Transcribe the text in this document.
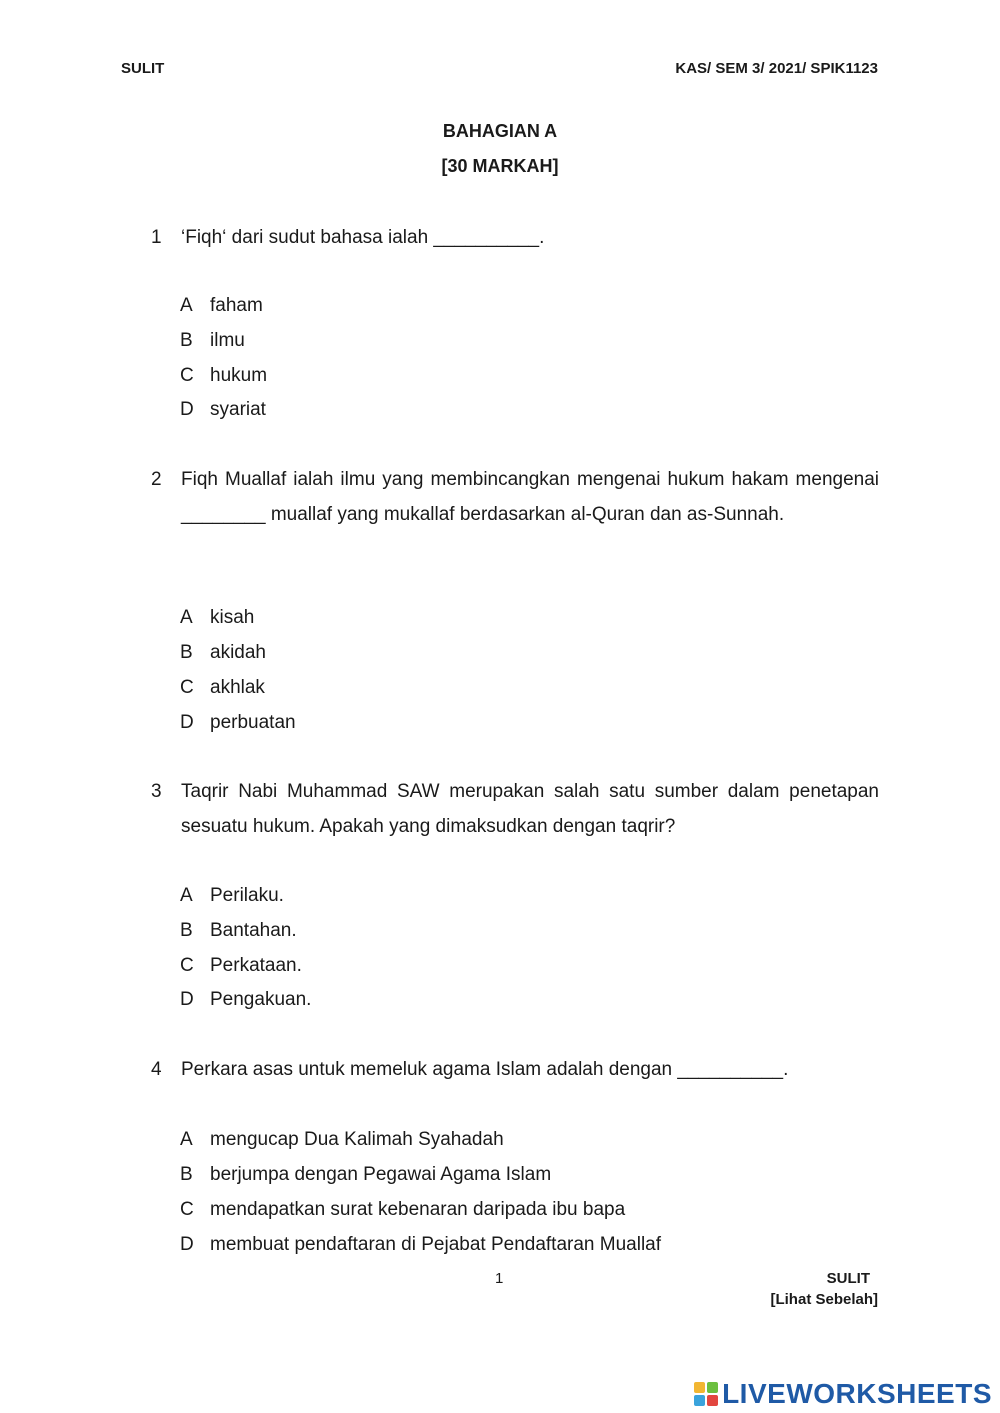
SULIT	KAS/ SEM 3/ 2021/ SPIK1123
BAHAGIAN A
[30 MARKAH]
1 ‘Fiqh‘ dari sudut bahasa ialah __________.
A faham
B ilmu
C hukum
D syariat
2 Fiqh Muallaf ialah ilmu yang membincangkan mengenai hukum hakam mengenai ________ muallaf yang mukallaf berdasarkan al-Quran dan as-Sunnah.
A kisah
B akidah
C akhlak
D perbuatan
3 Taqrir Nabi Muhammad SAW merupakan salah satu sumber dalam penetapan sesuatu hukum. Apakah yang dimaksudkan dengan taqrir?
A Perilaku.
B Bantahan.
C Perkataan.
D Pengakuan.
4 Perkara asas untuk memeluk agama Islam adalah dengan __________.
A mengucap Dua Kalimah Syahadah
B berjumpa dengan Pegawai Agama Islam
C mendapatkan surat kebenaran daripada ibu bapa
D membuat pendaftaran di Pejabat Pendaftaran Muallaf
1	SULIT
[Lihat Sebelah]
LIVEWORKSHEETS
